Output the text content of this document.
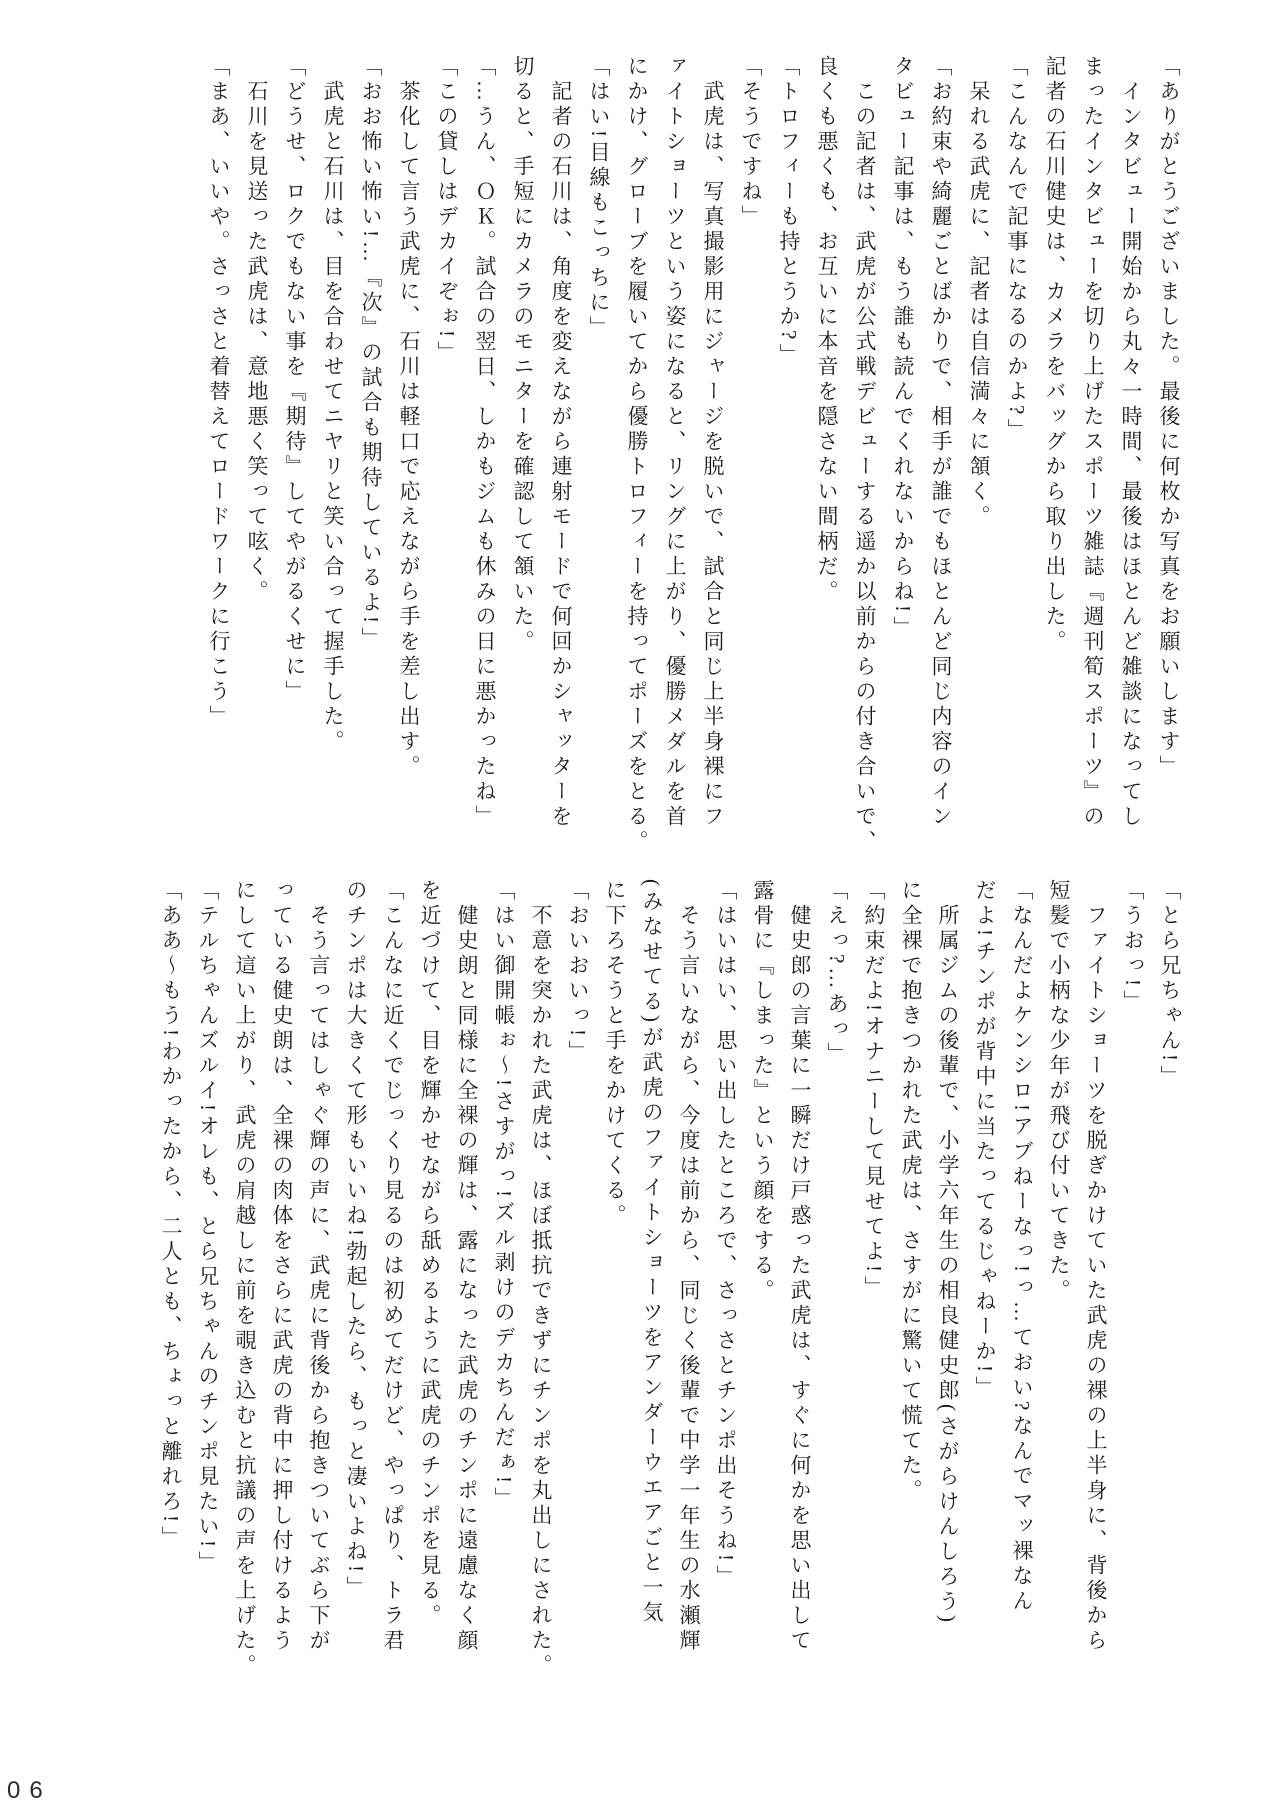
「ありがとうございました。最後に何枚か写真をお願いします」

　インタビュー開始から丸々一時間、最後はほとんど雑談になってし

まったインタビューを切り上げたスポーツ雑誌『週刊筍スポーツ』の

記者の石川健史は、カメラをバッグから取り出した。

「こんなんで記事になるのかよ?」

　呆れる武虎に、記者は自信満々に頷く。

「お約束や綺麗ごとばかりで、相手が誰でもほとんど同じ内容のイン

タビュー記事は、もう誰も読んでくれないからね!」

　この記者は、武虎が公式戦デビューする遥か以前からの付き合いで、

良くも悪くも、お互いに本音を隠さない間柄だ。

「トロフィーも持とうか?」

「そうですね」

　武虎は、写真撮影用にジャージを脱いで、試合と同じ上半身裸にフ

ァイトショーツという姿になると、リングに上がり、優勝メダルを首

にかけ、グローブを履いてから優勝トロフィーを持ってポーズをとる。

「はい!目線もこっちに」

　記者の石川は、角度を変えながら連射モードで何回かシャッターを

切ると、手短にカメラのモニターを確認して頷いた。

「…うん、ＯＫ。試合の翌日、しかもジムも休みの日に悪かったね」

「この貸しはデカイぞぉ!」

　茶化して言う武虎に、石川は軽口で応えながら手を差し出す。

「おお怖い怖い!…『次』の試合も期待しているよ!」

　武虎と石川は、目を合わせてニヤリと笑い合って握手した。

「どうせ、ロクでもない事を『期待』してやがるくせに」

　石川を見送った武虎は、意地悪く笑って呟く。

「まあ、いいや。さっさと着替えてロードワークに行こう」

「とら兄ちゃん!」

「うおっ!」

　ファイトショーツを脱ぎかけていた武虎の裸の上半身に、背後から

短髪で小柄な少年が飛び付いてきた。

「なんだよケンシロ!アブねーなっ!っ…ておい?なんでマッ裸なん

だよ!チンポが背中に当たってるじゃねーか!」

　所属ジムの後輩で、小学六年生の相良健史郎(さがらけんしろう)

に全裸で抱きつかれた武虎は、さすがに驚いて慌てた。

「約束だよ!オナニーして見せてよ!」

「えっ?…あっ」

　健史郎の言葉に一瞬だけ戸惑った武虎は、すぐに何かを思い出して

露骨に『しまった』という顔をする。

「はいはい、思い出したところで、さっさとチンポ出そうね!」

　そう言いながら、今度は前から、同じく後輩で中学一年生の水瀬輝

(みなせてる)が武虎のファイトショーツをアンダーウエアごと一気

に下ろそうと手をかけてくる。

「おいおいっ!」

　不意を突かれた武虎は、ほぼ抵抗できずにチンポを丸出しにされた。

「はい御開帳ぉ〜!さすがっ!ズル剥けのデカちんだぁ!」

　健史朗と同様に全裸の輝は、露になった武虎のチンポに遠慮なく顔

を近づけて、目を輝かせながら舐めるように武虎のチンポを見る。

「こんなに近くでじっくり見るのは初めてだけど、やっぱり、トラ君

のチンポは大きくて形もいいね!勃起したら、もっと凄いよね!」

　そう言ってはしゃぐ輝の声に、武虎に背後から抱きついてぶら下が

っている健史朗は、全裸の肉体をさらに武虎の背中に押し付けるよう

にして這い上がり、武虎の肩越しに前を覗き込むと抗議の声を上げた。

「テルちゃんズルイ!オレも、とら兄ちゃんのチンポ見たい!」

「ああ〜もう!わかったから、二人とも、ちょっと離れろ!」

06
